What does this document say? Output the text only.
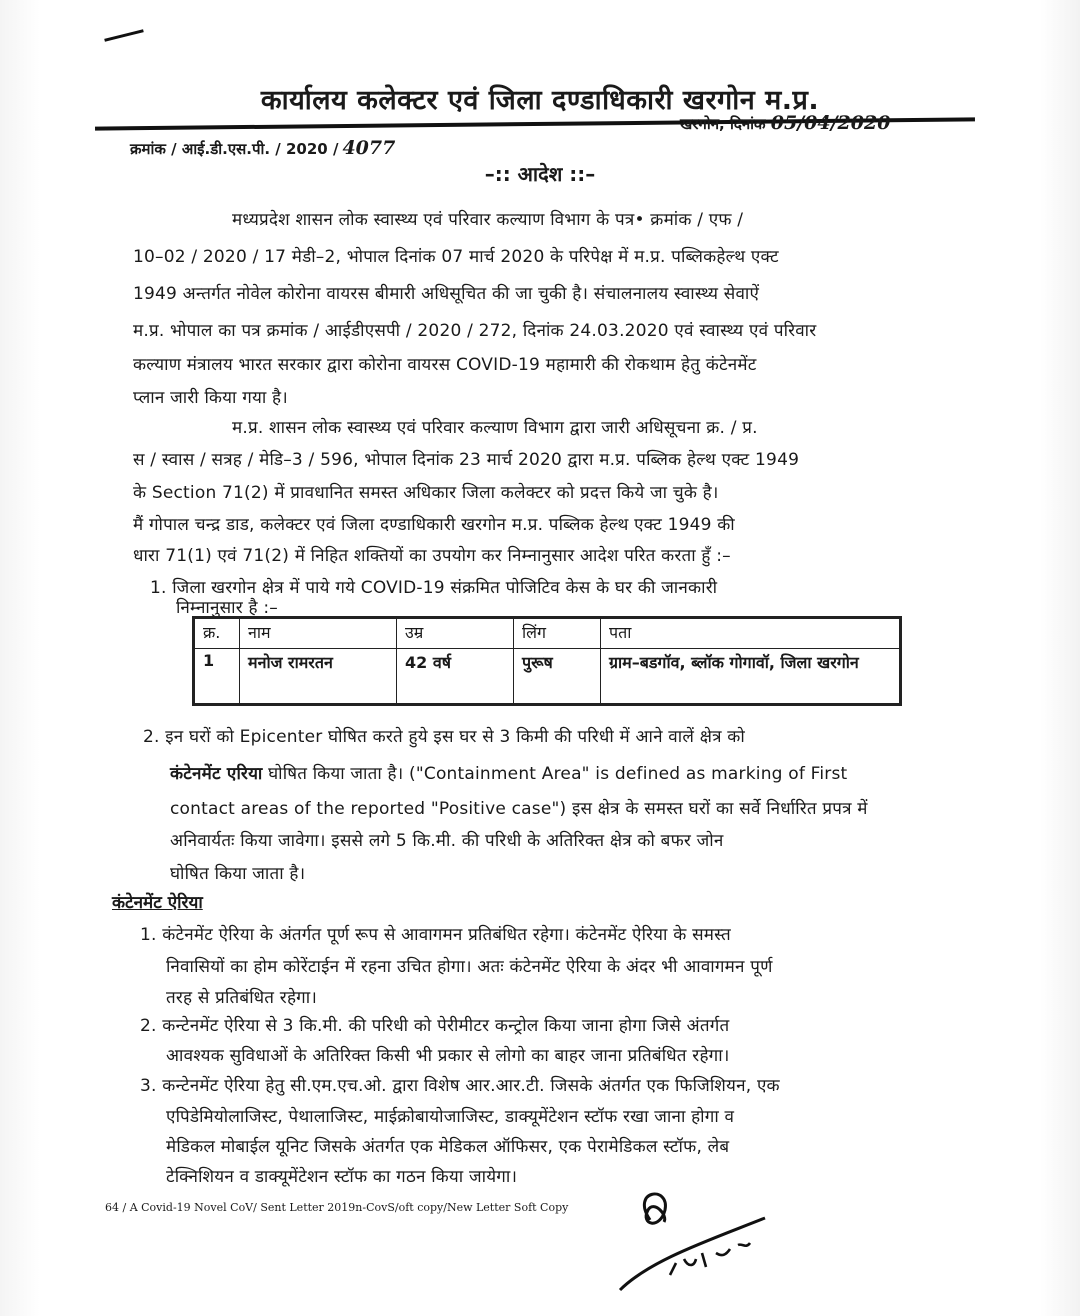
कार्यालय कलेक्टर एवं जिला दण्डाधिकारी खरगोन म.प्र.
क्रमांक / आई.डी.एस.पी. / 2020 / 4077
खरगोन, दिनांक 05/04/2020
–:: आदेश ::–
मध्यप्रदेश शासन लोक स्वास्थ्य एवं परिवार कल्याण विभाग के पत्र• क्रमांक / एफ /
10–02 / 2020 / 17 मेडी–2, भोपाल दिनांक 07 मार्च 2020 के परिपेक्ष में म.प्र. पब्लिकहेल्थ एक्ट
1949 अन्तर्गत नोवेल कोरोना वायरस बीमारी अधिसूचित की जा चुकी है। संचालनालय स्वास्थ्य सेवाऐं
म.प्र. भोपाल का पत्र क्रमांक / आईडीएसपी / 2020 / 272, दिनांक 24.03.2020 एवं स्वास्थ्य एवं परिवार
कल्याण मंत्रालय भारत सरकार द्वारा कोरोना वायरस COVID-19 महामारी की रोकथाम हेतु कंटेनमेंट
प्लान जारी किया गया है।
म.प्र. शासन लोक स्वास्थ्य एवं परिवार कल्याण विभाग द्वारा जारी अधिसूचना क्र. / प्र.
स / स्वास / सत्रह / मेडि–3 / 596, भोपाल दिनांक 23 मार्च 2020 द्वारा म.प्र. पब्लिक हेल्थ एक्ट 1949
के Section 71(2) में प्रावधानित समस्त अधिकार जिला कलेक्टर को प्रदत्त किये जा चुके है।
मैं गोपाल चन्द्र डाड, कलेक्टर एवं जिला दण्डाधिकारी खरगोन म.प्र. पब्लिक हेल्थ एक्ट 1949 की
धारा 71(1) एवं 71(2) में निहित शक्तियों का उपयोग कर निम्नानुसार आदेश परित करता हुँ :–
1. जिला खरगोन क्षेत्र में पाये गये COVID-19 संक्रमित पोजिटिव केस के घर की जानकारी
निम्नानुसार है :–
क्र.	नाम	उम्र	लिंग	पता
1	मनोज रामरतन	42 वर्ष	पुरूष	ग्राम–बडगॉव, ब्लॉक गोगावॉ, जिला खरगोन
2. इन घरों को Epicenter घोषित करते हुये इस घर से 3 किमी की परिधी में आने वालें क्षेत्र को
कंटेनमेंट एरिया घोषित किया जाता है। ("Containment Area" is defined as marking of First
contact areas of the reported "Positive case") इस क्षेत्र के समस्त घरों का सर्वे निर्धारित प्रपत्र में
अनिवार्यतः किया जावेगा। इससे लगे 5 कि.मी. की परिधी के अतिरिक्त क्षेत्र को बफर जोन
घोषित किया जाता है।
कंटेनमेंट ऐरिया
1. कंटेनमेंट ऐरिया के अंतर्गत पूर्ण रूप से आवागमन प्रतिबंधित रहेगा। कंटेनमेंट ऐरिया के समस्त
निवासियों का होम कोरेंटाईन में रहना उचित होगा। अतः कंटेनमेंट ऐरिया के अंदर भी आवागमन पूर्ण
तरह से प्रतिबंधित रहेगा।
2. कन्टेनमेंट ऐरिया से 3 कि.मी. की परिधी को पेरीमीटर कन्ट्रोल किया जाना होगा जिसे अंतर्गत
आवश्यक सुविधाओं के अतिरिक्त किसी भी प्रकार से लोगो का बाहर जाना प्रतिबंधित रहेगा।
3. कन्टेनमेंट ऐरिया हेतु सी.एम.एच.ओ. द्वारा विशेष आर.आर.टी. जिसके अंतर्गत एक फिजिशियन, एक
एपिडेमियोलाजिस्ट, पेथालाजिस्ट, माईक्रोबायोजाजिस्ट, डाक्यूमेंटेशन स्टॉफ रखा जाना होगा व
मेडिकल मोबाईल यूनिट जिसके अंतर्गत एक मेडिकल ऑफिसर, एक पेरामेडिकल स्टॉफ, लेब
टेक्निशियन व डाक्यूमेंटेशन स्टॉफ का गठन किया जायेगा।
64 / A Covid-19 Novel CoV/ Sent Letter 2019n-CovS/oft copy/New Letter Soft Copy
